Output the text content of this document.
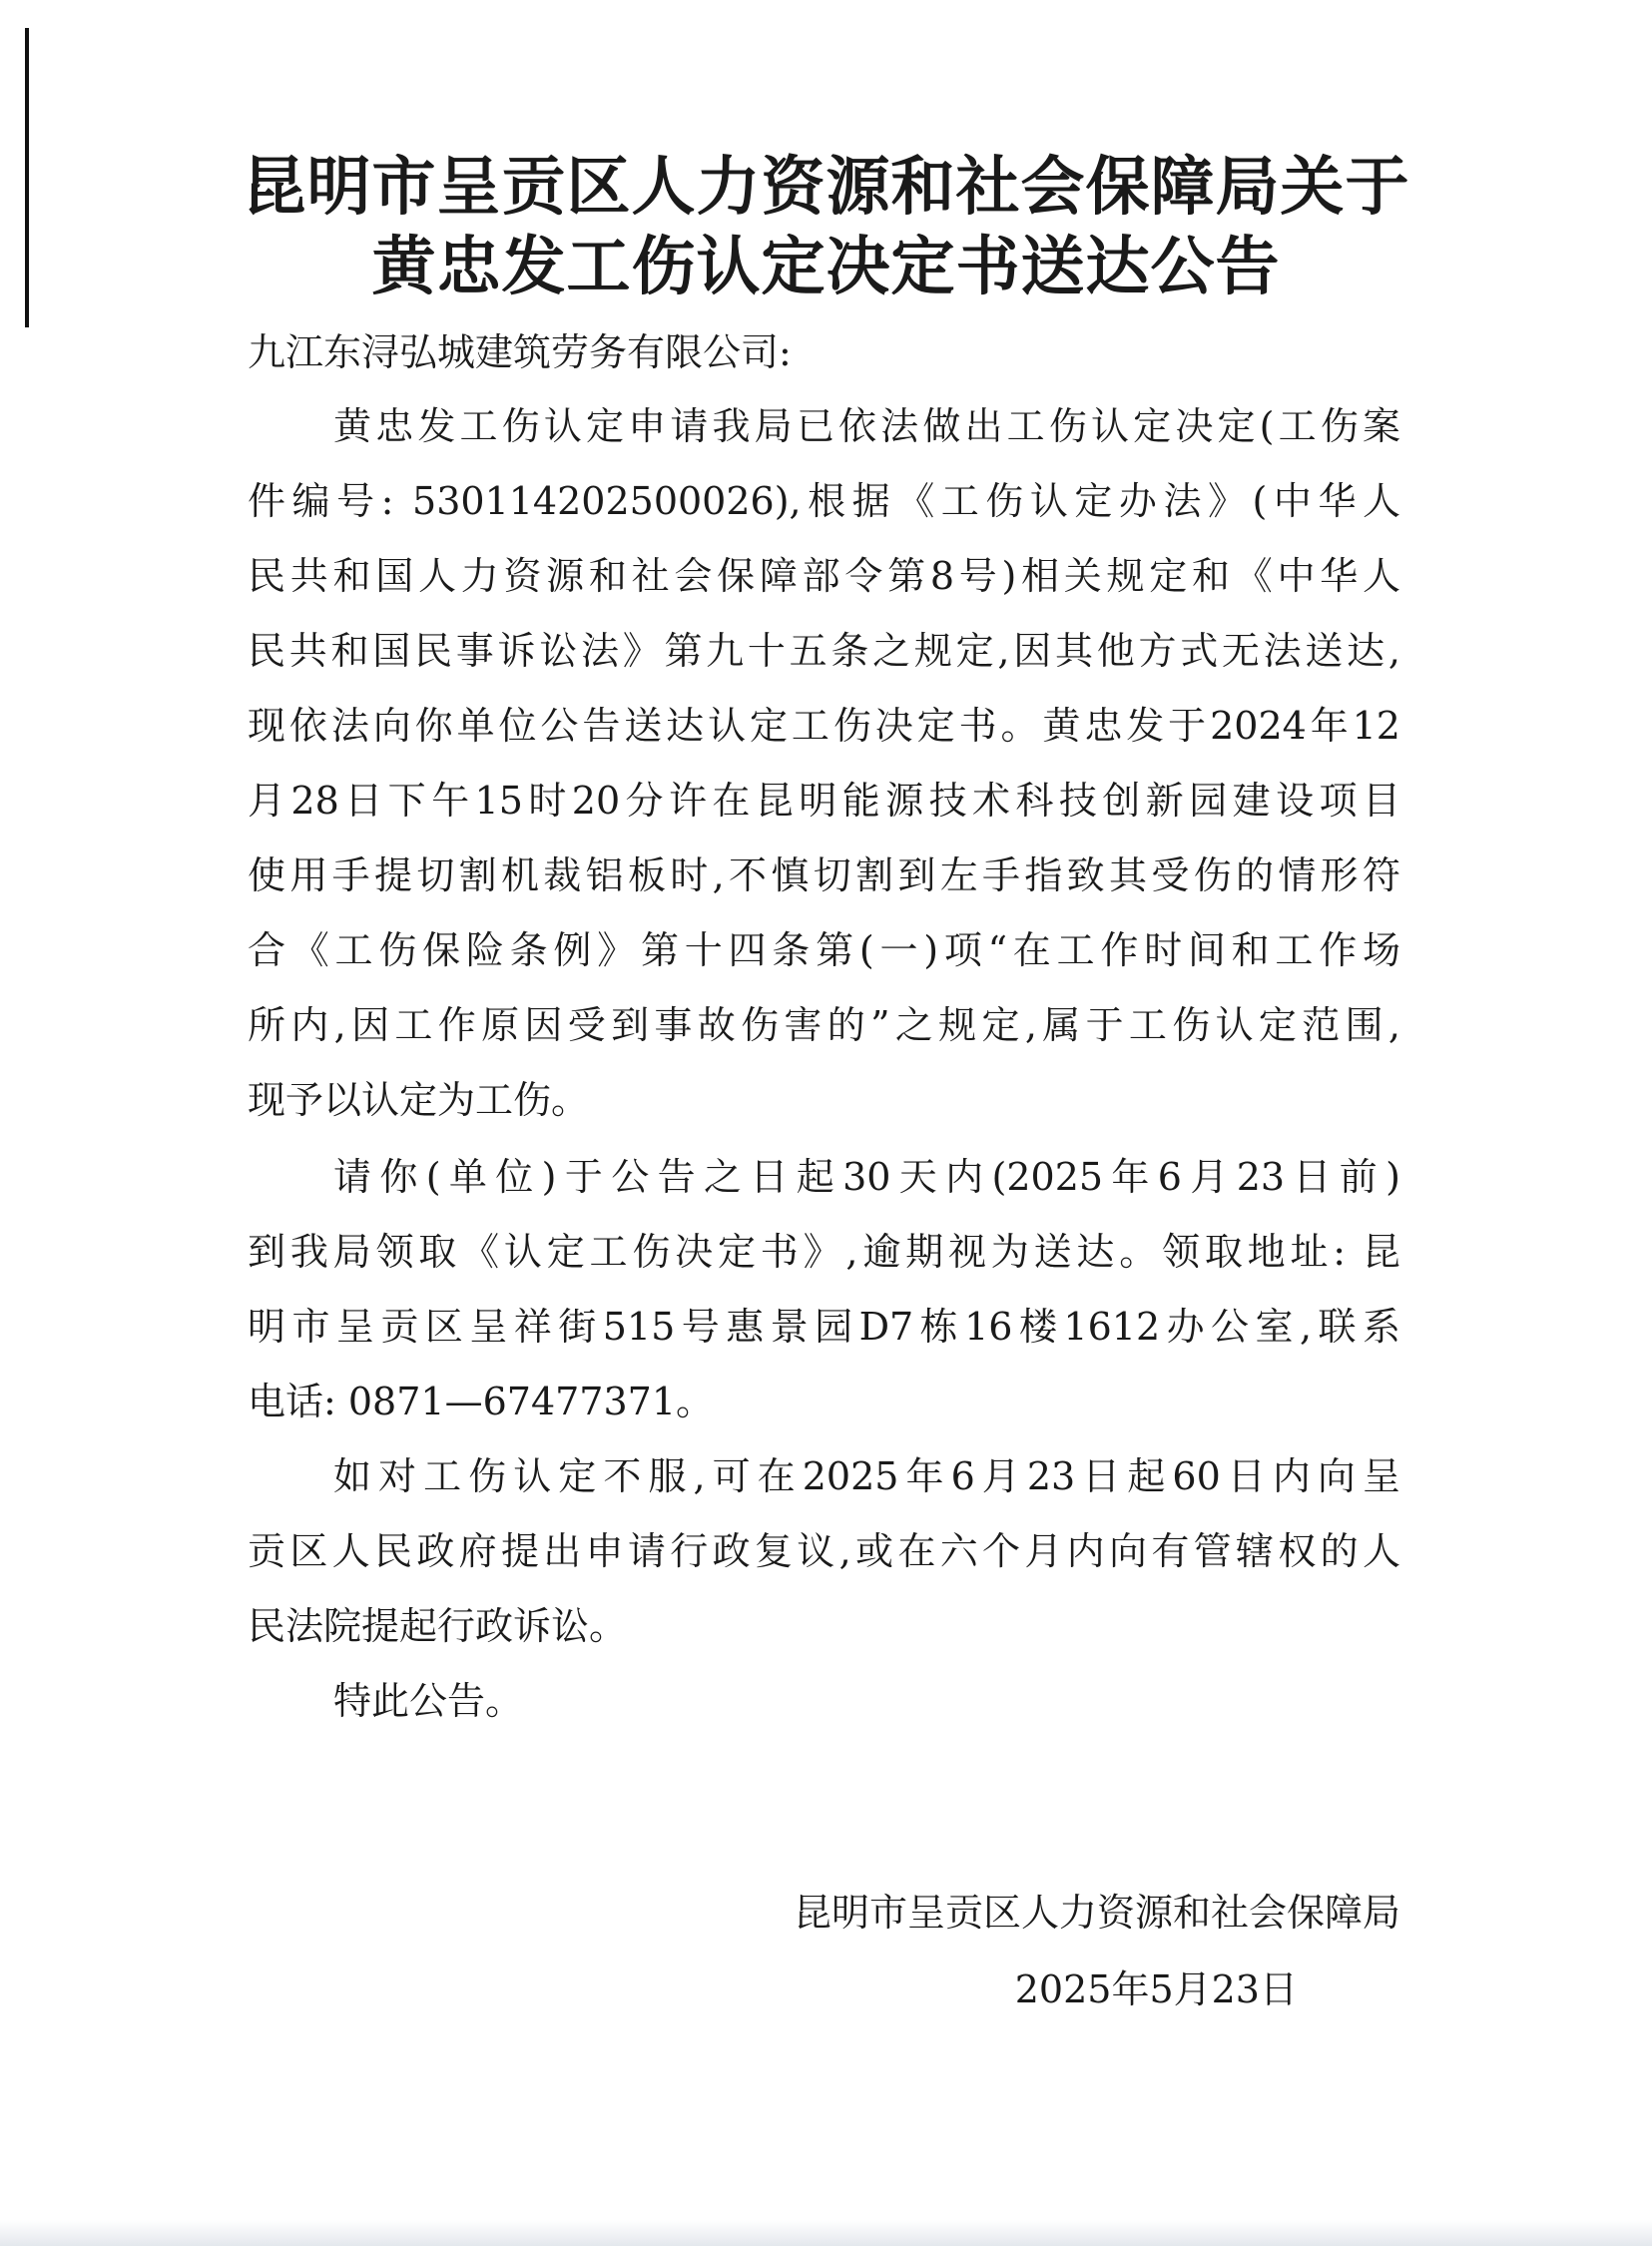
昆明市呈贡区人力资源和社会保障局关于
黄忠发工伤认定决定书送达公告
九江东浔弘城建筑劳务有限公司:
黄忠发工伤认定申请我局已依法做出工伤认定决定(工伤案
件编号: 530114202500026),根据《工伤认定办法》(中华人
民共和国人力资源和社会保障部令第8号)相关规定和《中华人
民共和国民事诉讼法》第九十五条之规定,因其他方式无法送达,
现依法向你单位公告送达认定工伤决定书。黄忠发于2024年12
月28日下午15时20分许在昆明能源技术科技创新园建设项目
使用手提切割机裁铝板时,不慎切割到左手指致其受伤的情形符
合《工伤保险条例》第十四条第(一)项“在工作时间和工作场
所内,因工作原因受到事故伤害的”之规定,属于工伤认定范围,
现予以认定为工伤。
请你(单位)于公告之日起30天内(2025年6月23日前)
到我局领取《认定工伤决定书》,逾期视为送达。领取地址: 昆
明市呈贡区呈祥街515号惠景园D7栋16楼1612办公室,联系
电话: 0871—67477371。
如对工伤认定不服,可在2025年6月23日起60日内向呈
贡区人民政府提出申请行政复议,或在六个月内向有管辖权的人
民法院提起行政诉讼。
特此公告。
昆明市呈贡区人力资源和社会保障局
2025年5月23日
